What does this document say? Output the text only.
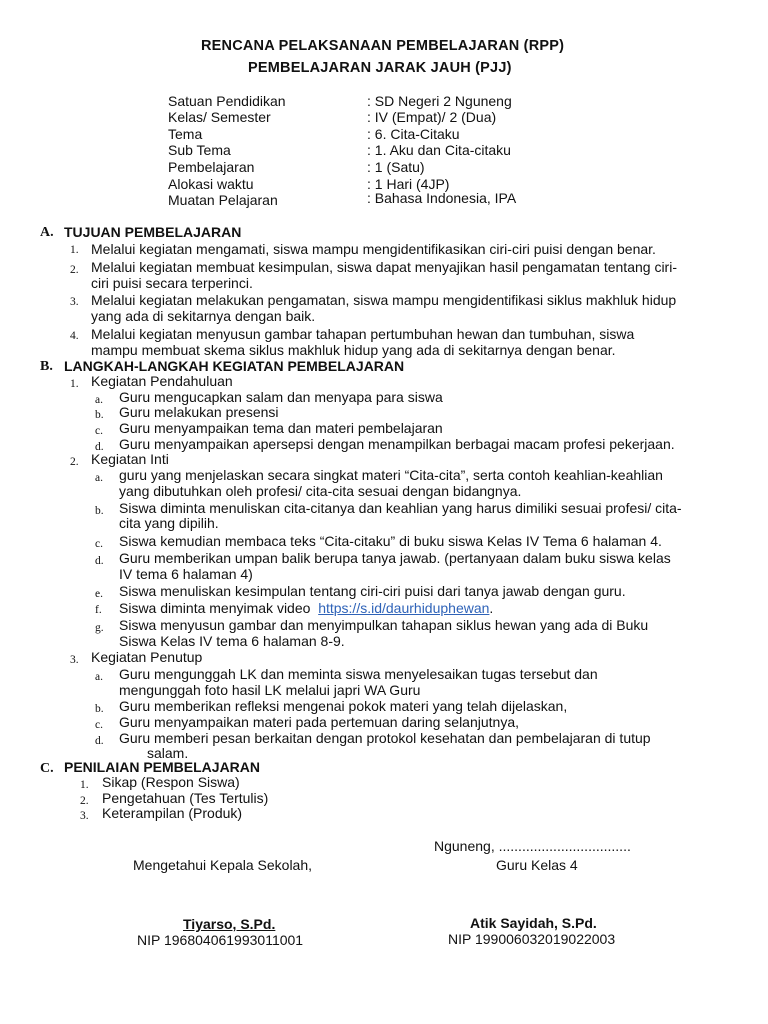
RENCANA PELAKSANAAN PEMBELAJARAN (RPP)
PEMBELAJARAN JARAK JAUH (PJJ)
Satuan Pendidikan	: SD Negeri 2 Nguneng
Kelas/ Semester	: IV (Empat)/ 2 (Dua)
Tema	: 6. Cita-Citaku
Sub Tema	: 1. Aku dan Cita-citaku
Pembelajaran	: 1 (Satu)
Alokasi waktu	: 1 Hari (4JP)
Muatan Pelajaran	: Bahasa Indonesia, IPA
A. TUJUAN PEMBELAJARAN
1. Melalui kegiatan mengamati, siswa mampu mengidentifikasikan ciri-ciri puisi dengan benar.
2. Melalui kegiatan membuat kesimpulan, siswa dapat menyajikan hasil pengamatan tentang ciri-
ciri puisi secara terperinci.
3. Melalui kegiatan melakukan pengamatan, siswa mampu mengidentifikasi siklus makhluk hidup
yang ada di sekitarnya dengan baik.
4. Melalui kegiatan menyusun gambar tahapan pertumbuhan hewan dan tumbuhan, siswa
mampu membuat skema siklus makhluk hidup yang ada di sekitarnya dengan benar.
B. LANGKAH-LANGKAH KEGIATAN PEMBELAJARAN
1. Kegiatan Pendahuluan
a. Guru mengucapkan salam dan menyapa para siswa
b. Guru melakukan presensi
c. Guru menyampaikan tema dan materi pembelajaran
d. Guru menyampaikan apersepsi dengan menampilkan berbagai macam profesi pekerjaan.
2. Kegiatan Inti
a. guru yang menjelaskan secara singkat materi “Cita-cita”, serta contoh keahlian-keahlian
yang dibutuhkan oleh profesi/ cita-cita sesuai dengan bidangnya.
b. Siswa diminta menuliskan cita-citanya dan keahlian yang harus dimiliki sesuai profesi/ cita-
cita yang dipilih.
c. Siswa kemudian membaca teks “Cita-citaku” di buku siswa Kelas IV Tema 6 halaman 4.
d. Guru memberikan umpan balik berupa tanya jawab. (pertanyaan dalam buku siswa kelas
IV tema 6 halaman 4)
e. Siswa menuliskan kesimpulan tentang ciri-ciri puisi dari tanya jawab dengan guru.
f. Siswa diminta menyimak video https://s.id/daurhiduphewan.
g. Siswa menyusun gambar dan menyimpulkan tahapan siklus hewan yang ada di Buku
Siswa Kelas IV tema 6 halaman 8-9.
3. Kegiatan Penutup
a. Guru mengunggah LK dan meminta siswa menyelesaikan tugas tersebut dan
mengunggah foto hasil LK melalui japri WA Guru
b. Guru memberikan refleksi mengenai pokok materi yang telah dijelaskan,
c. Guru menyampaikan materi pada pertemuan daring selanjutnya,
d. Guru memberi pesan berkaitan dengan protokol kesehatan dan pembelajaran di tutup
salam.
C. PENILAIAN PEMBELAJARAN
1. Sikap (Respon Siswa)
2. Pengetahuan (Tes Tertulis)
3. Keterampilan (Produk)
Nguneng, ..................................
Mengetahui Kepala Sekolah,	Guru Kelas 4
Tiyarso, S.Pd.
NIP 196804061993011001
Atik Sayidah, S.Pd.
NIP 199006032019022003
